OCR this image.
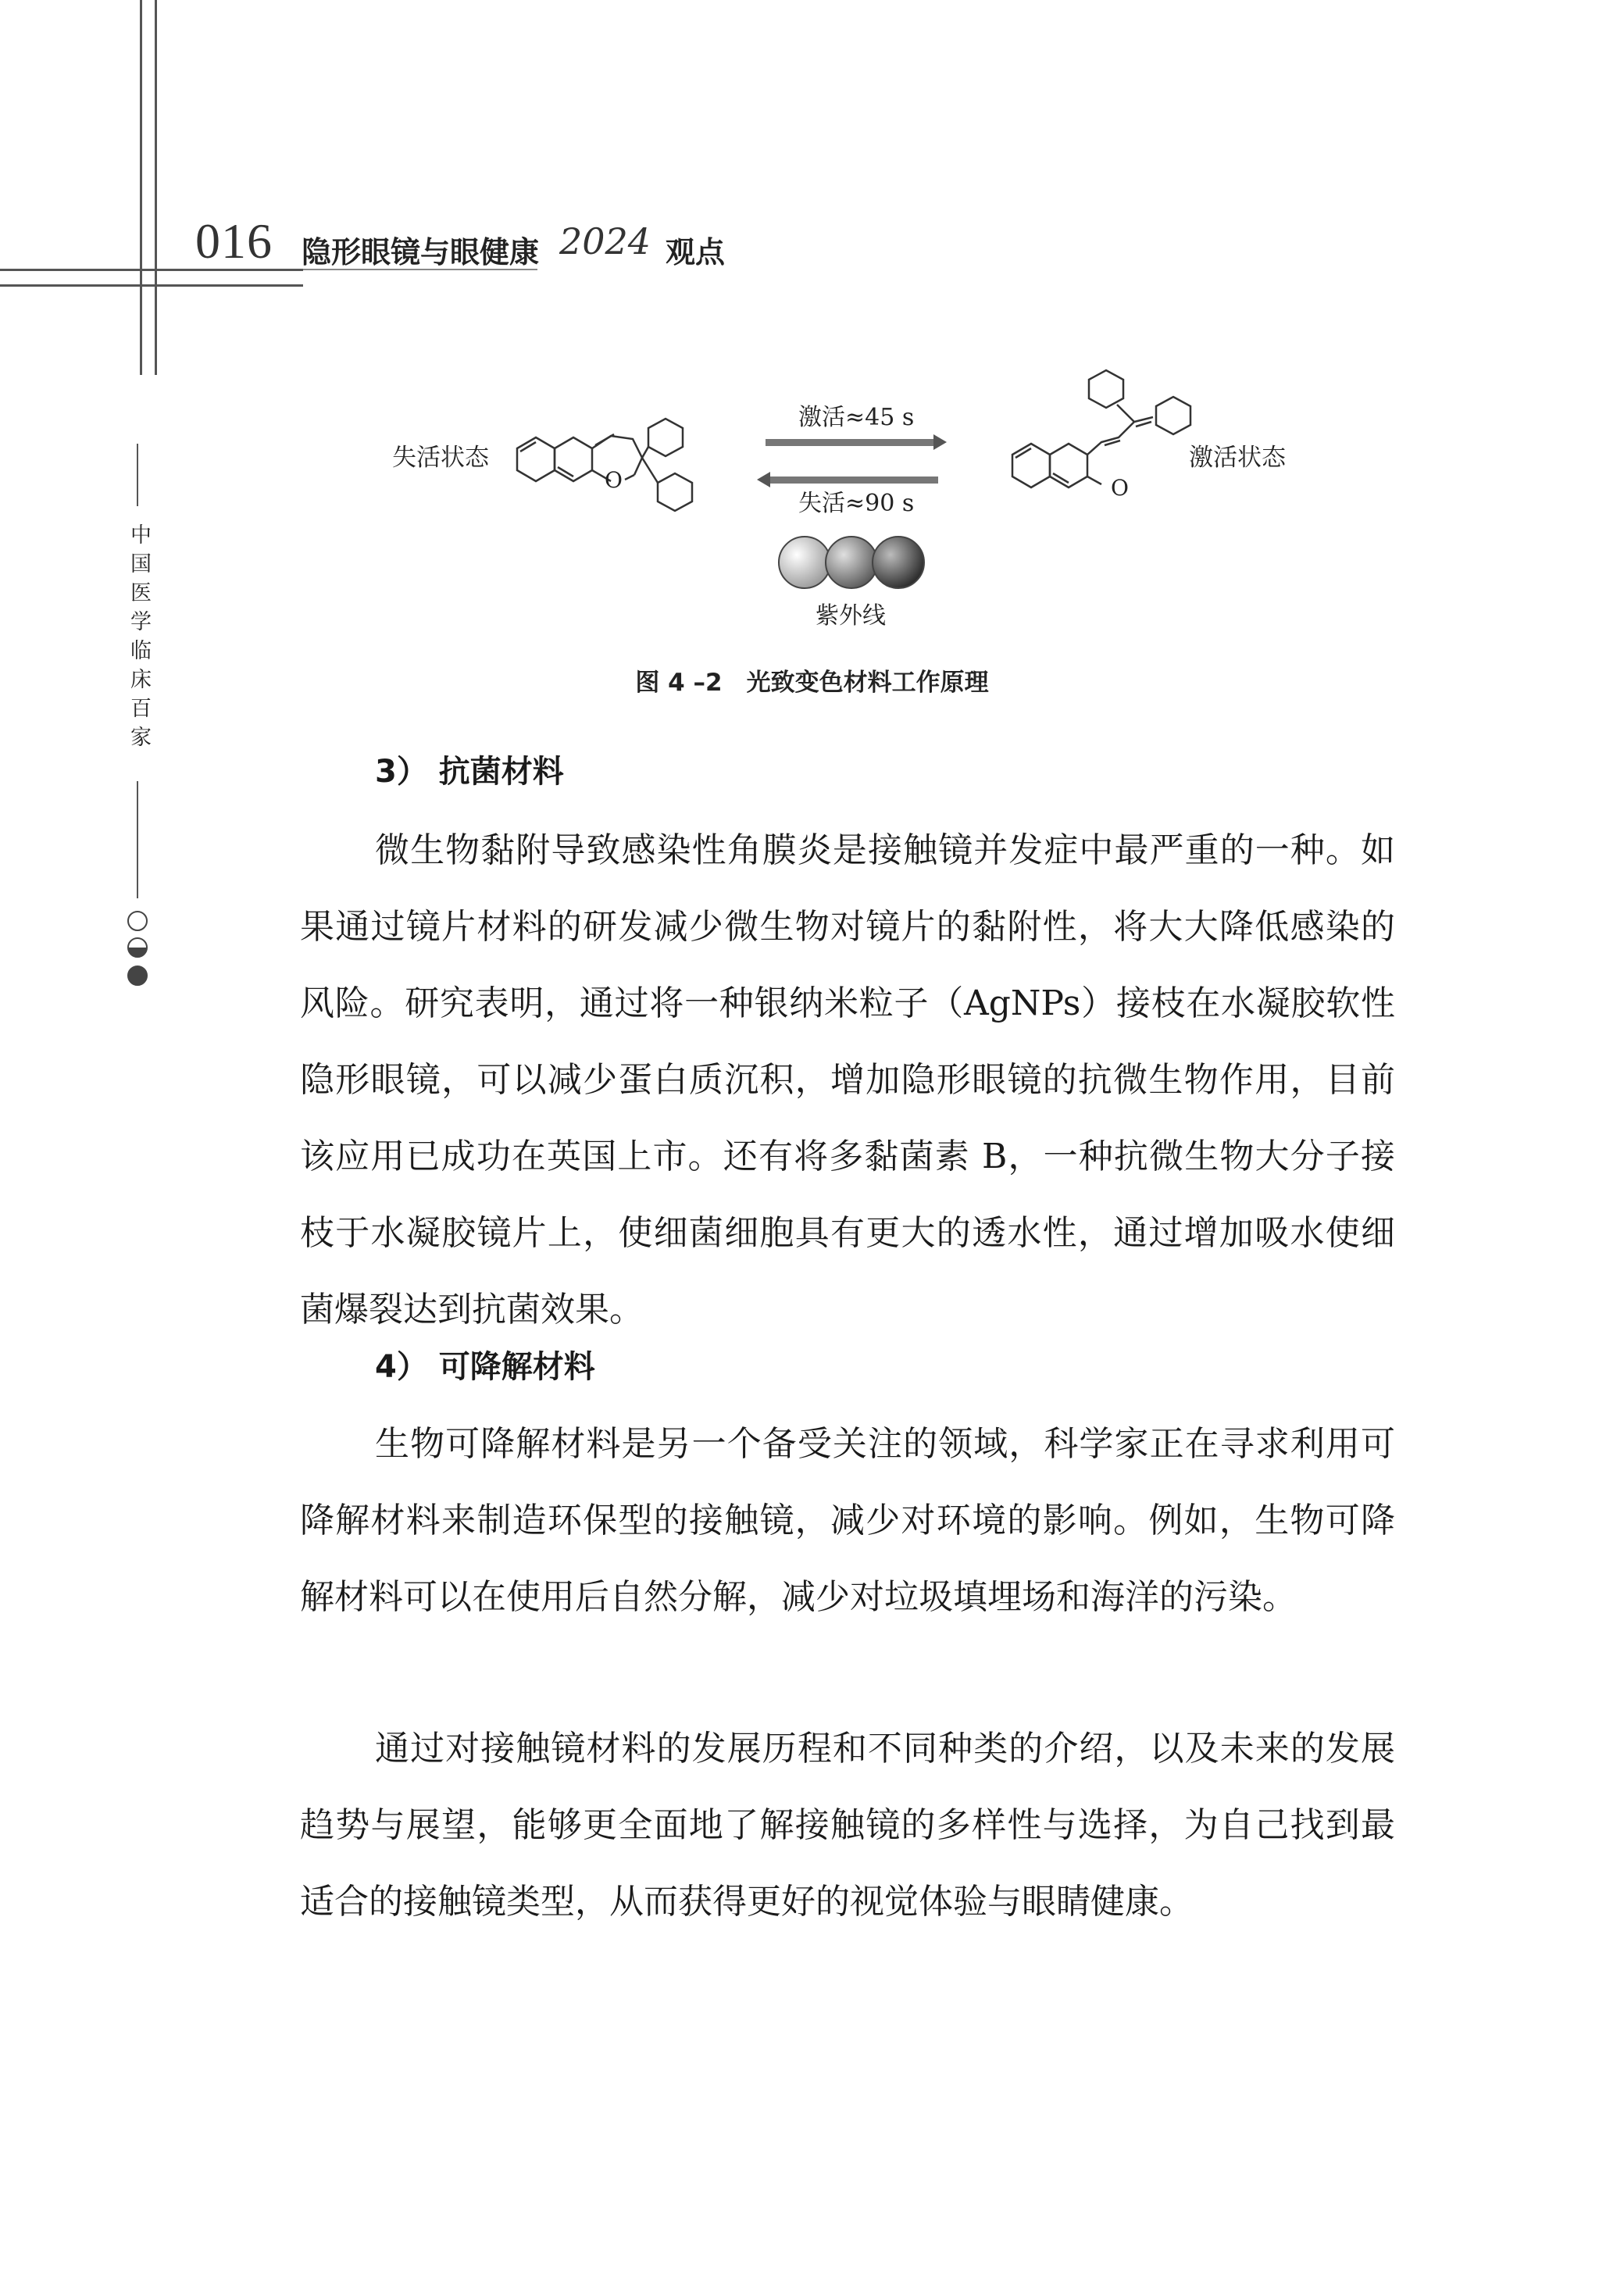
016 隐形眼镜与眼健康 2024 观点
中国医学临床百家
失活状态	激活状态
O
激活≈45 s
失活≈90 s
紫外线
O
图 4 –2　光致变色材料工作原理
3） 抗菌材料

微生物黏附导致感染性角膜炎是接触镜并发症中最严重的一种。如果通过镜片材料的研发减少微生物对镜片的黏附性，将大大降低感染的风险。研究表明，通过将一种银纳米粒子（AgNPs）接枝在水凝胶软性隐形眼镜，可以减少蛋白质沉积，增加隐形眼镜的抗微生物作用，目前该应用已成功在英国上市。还有将多黏菌素 B，一种抗微生物大分子接枝于水凝胶镜片上，使细菌细胞具有更大的透水性，通过增加吸水使细菌爆裂达到抗菌效果。

4） 可降解材料

生物可降解材料是另一个备受关注的领域，科学家正在寻求利用可降解材料来制造环保型的接触镜，减少对环境的影响。例如，生物可降解材料可以在使用后自然分解，减少对垃圾填埋场和海洋的污染。

通过对接触镜材料的发展历程和不同种类的介绍，以及未来的发展趋势与展望，能够更全面地了解接触镜的多样性与选择，为自己找到最适合的接触镜类型，从而获得更好的视觉体验与眼睛健康。
